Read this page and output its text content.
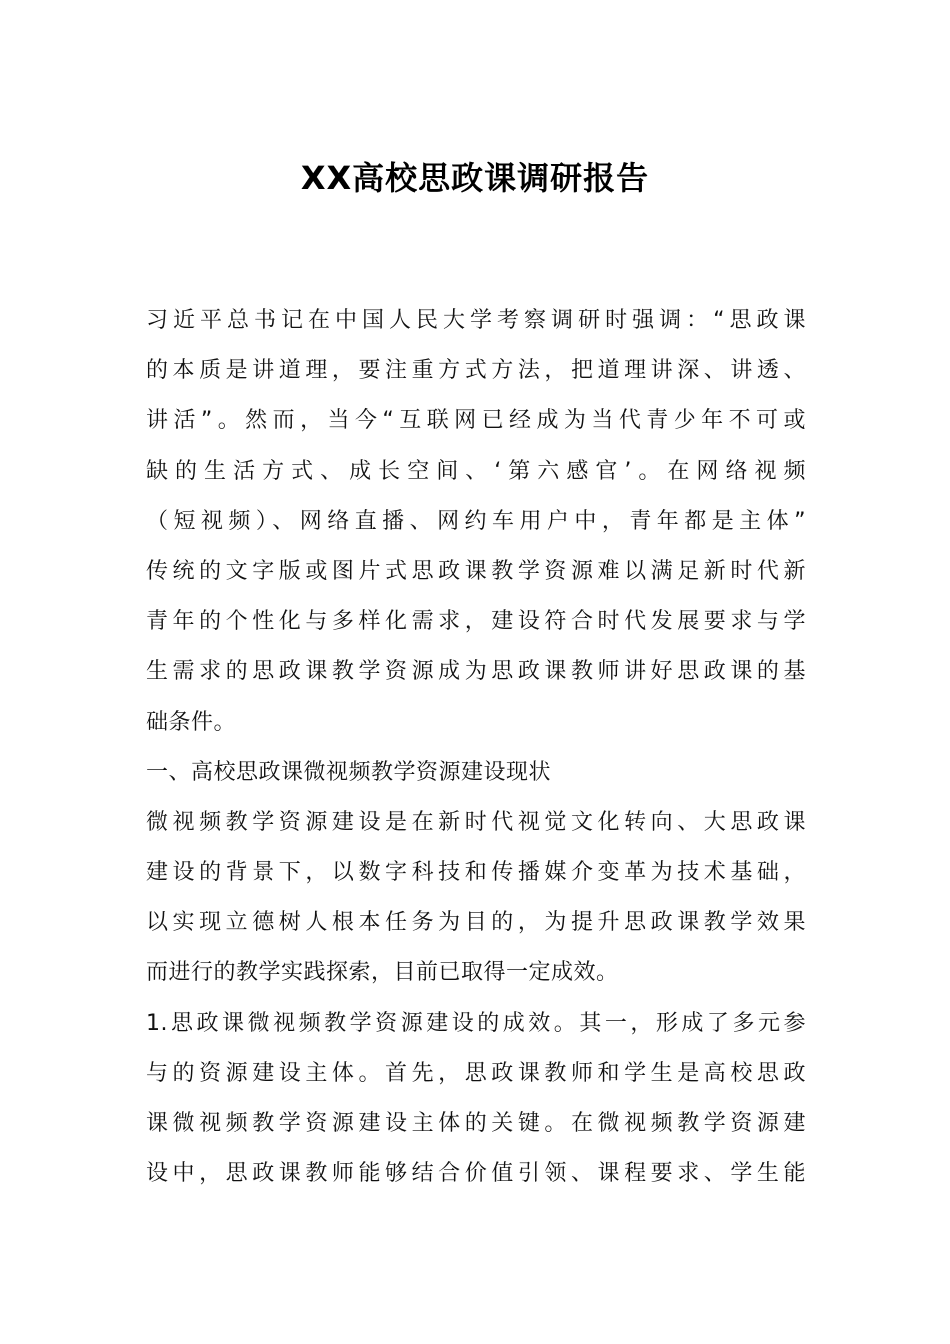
XX高校思政课调研报告
习近平总书记在中国人民大学考察调研时强调：“思政课
的本质是讲道理，要注重方式方法，把道理讲深、讲透、
讲活”。然而，当今“互联网已经成为当代青少年不可或
缺的生活方式、成长空间、‘第六感官’。在网络视频
（短视频）、网络直播、网约车用户中，青年都是主体”
传统的文字版或图片式思政课教学资源难以满足新时代新
青年的个性化与多样化需求，建设符合时代发展要求与学
生需求的思政课教学资源成为思政课教师讲好思政课的基
础条件。
一、高校思政课微视频教学资源建设现状
微视频教学资源建设是在新时代视觉文化转向、大思政课
建设的背景下，以数字科技和传播媒介变革为技术基础，
以实现立德树人根本任务为目的，为提升思政课教学效果
而进行的教学实践探索，目前已取得一定成效。
1.思政课微视频教学资源建设的成效。其一，形成了多元参
与的资源建设主体。首先，思政课教师和学生是高校思政
课微视频教学资源建设主体的关键。在微视频教学资源建
设中，思政课教师能够结合价值引领、课程要求、学生能
